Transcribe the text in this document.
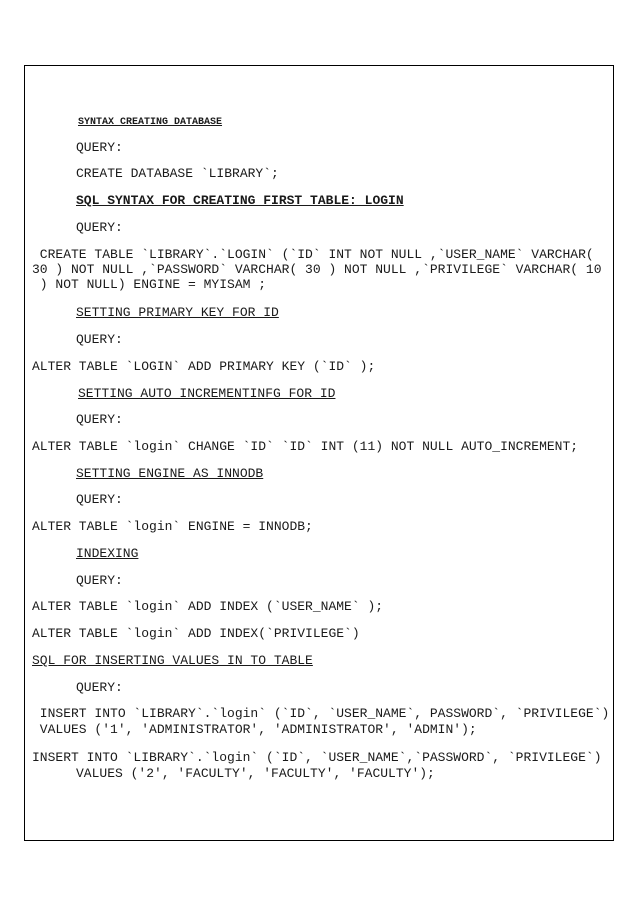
SYNTAX CREATING DATABASE

QUERY:

CREATE DATABASE `LIBRARY`;

SQL SYNTAX FOR CREATING FIRST TABLE: LOGIN

QUERY:

CREATE TABLE `LIBRARY`.`LOGIN` (`ID` INT NOT NULL ,`USER_NAME` VARCHAR(

30 ) NOT NULL ,`PASSWORD` VARCHAR( 30 ) NOT NULL ,`PRIVILEGE` VARCHAR( 10

) NOT NULL) ENGINE = MYISAM ;

SETTING PRIMARY KEY FOR ID

QUERY:

ALTER TABLE `LOGIN` ADD PRIMARY KEY (`ID` );

SETTING AUTO INCREMENTINFG FOR ID

QUERY:

ALTER TABLE `login` CHANGE `ID` `ID` INT (11) NOT NULL AUTO_INCREMENT;

SETTING ENGINE AS INNODB

QUERY:

ALTER TABLE `login` ENGINE = INNODB;

INDEXING

QUERY:

ALTER TABLE `login` ADD INDEX (`USER_NAME` );

ALTER TABLE `login` ADD INDEX(`PRIVILEGE`)

SQL FOR INSERTING VALUES IN TO TABLE

QUERY:

INSERT INTO `LIBRARY`.`login` (`ID`, `USER_NAME`, PASSWORD`, `PRIVILEGE`)

VALUES ('1', 'ADMINISTRATOR', 'ADMINISTRATOR', 'ADMIN');

INSERT INTO `LIBRARY`.`login` (`ID`, `USER_NAME`,`PASSWORD`, `PRIVILEGE`)

VALUES ('2', 'FACULTY', 'FACULTY', 'FACULTY');
